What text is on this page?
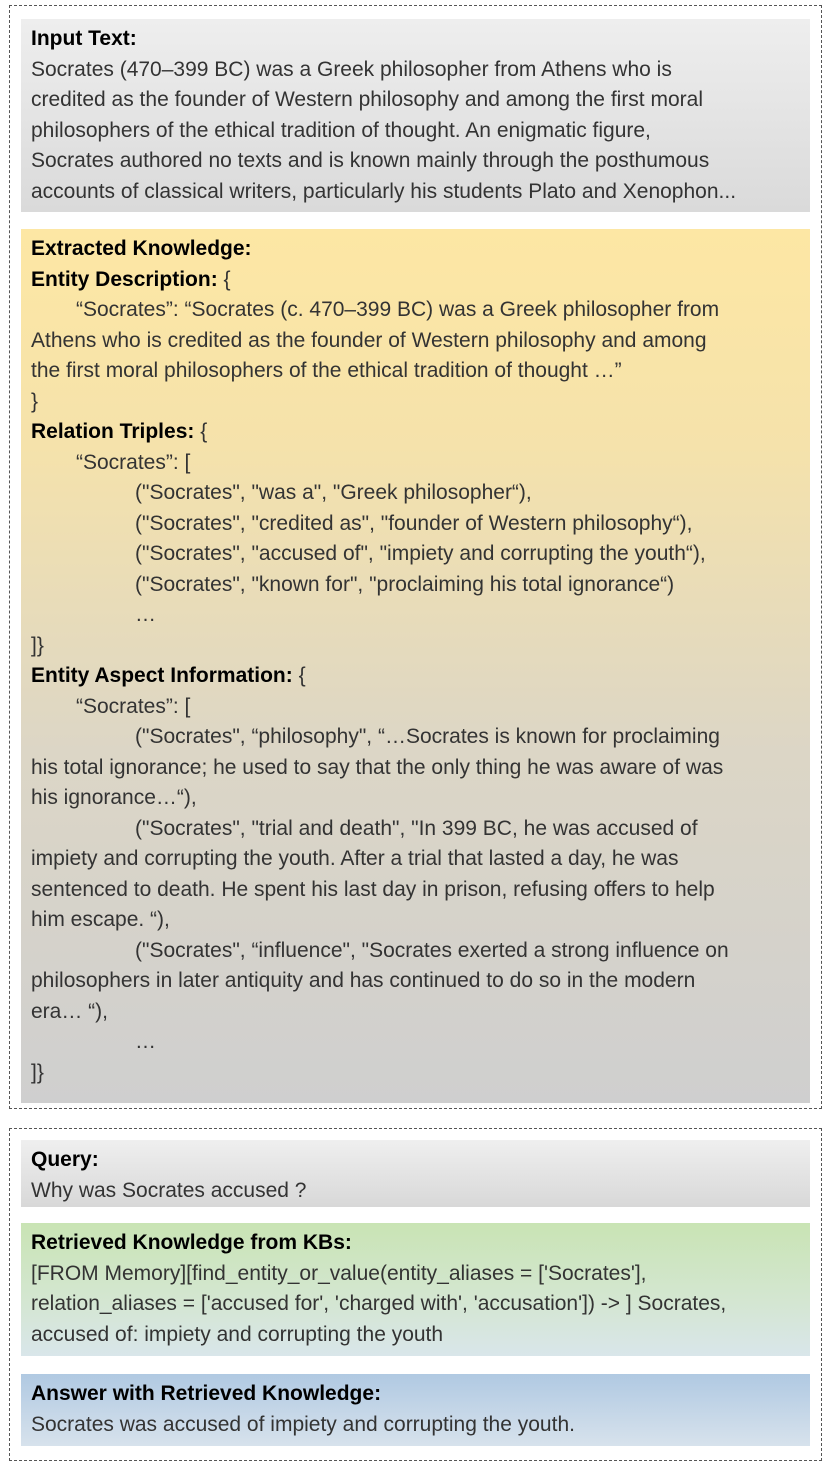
Input Text:
Socrates (470–399 BC) was a Greek philosopher from Athens who is
credited as the founder of Western philosophy and among the first moral
philosophers of the ethical tradition of thought. An enigmatic figure,
Socrates authored no texts and is known mainly through the posthumous
accounts of classical writers, particularly his students Plato and Xenophon...
Extracted Knowledge:
Entity Description: {
“Socrates”: “Socrates (c. 470–399 BC) was a Greek philosopher from
Athens who is credited as the founder of Western philosophy and among
the first moral philosophers of the ethical tradition of thought …”
}
Relation Triples: {
“Socrates”: [
("Socrates", "was a", "Greek philosopher“),
("Socrates", "credited as", "founder of Western philosophy“),
("Socrates", "accused of", "impiety and corrupting the youth“),
("Socrates", "known for", "proclaiming his total ignorance“)
…
]}
Entity Aspect Information: {
“Socrates”: [
("Socrates", “philosophy", “…Socrates is known for proclaiming
his total ignorance; he used to say that the only thing he was aware of was
his ignorance…“),
("Socrates", "trial and death", "In 399 BC, he was accused of
impiety and corrupting the youth. After a trial that lasted a day, he was
sentenced to death. He spent his last day in prison, refusing offers to help
him escape. “),
("Socrates", “influence", "Socrates exerted a strong influence on
philosophers in later antiquity and has continued to do so in the modern
era… “),
…
]}
Query:
Why was Socrates accused ?
Retrieved Knowledge from KBs:
[FROM Memory][find_entity_or_value(entity_aliases = ['Socrates'],
relation_aliases = ['accused for', 'charged with', 'accusation']) -> ] Socrates,
accused of: impiety and corrupting the youth
Answer with Retrieved Knowledge:
Socrates was accused of impiety and corrupting the youth.
